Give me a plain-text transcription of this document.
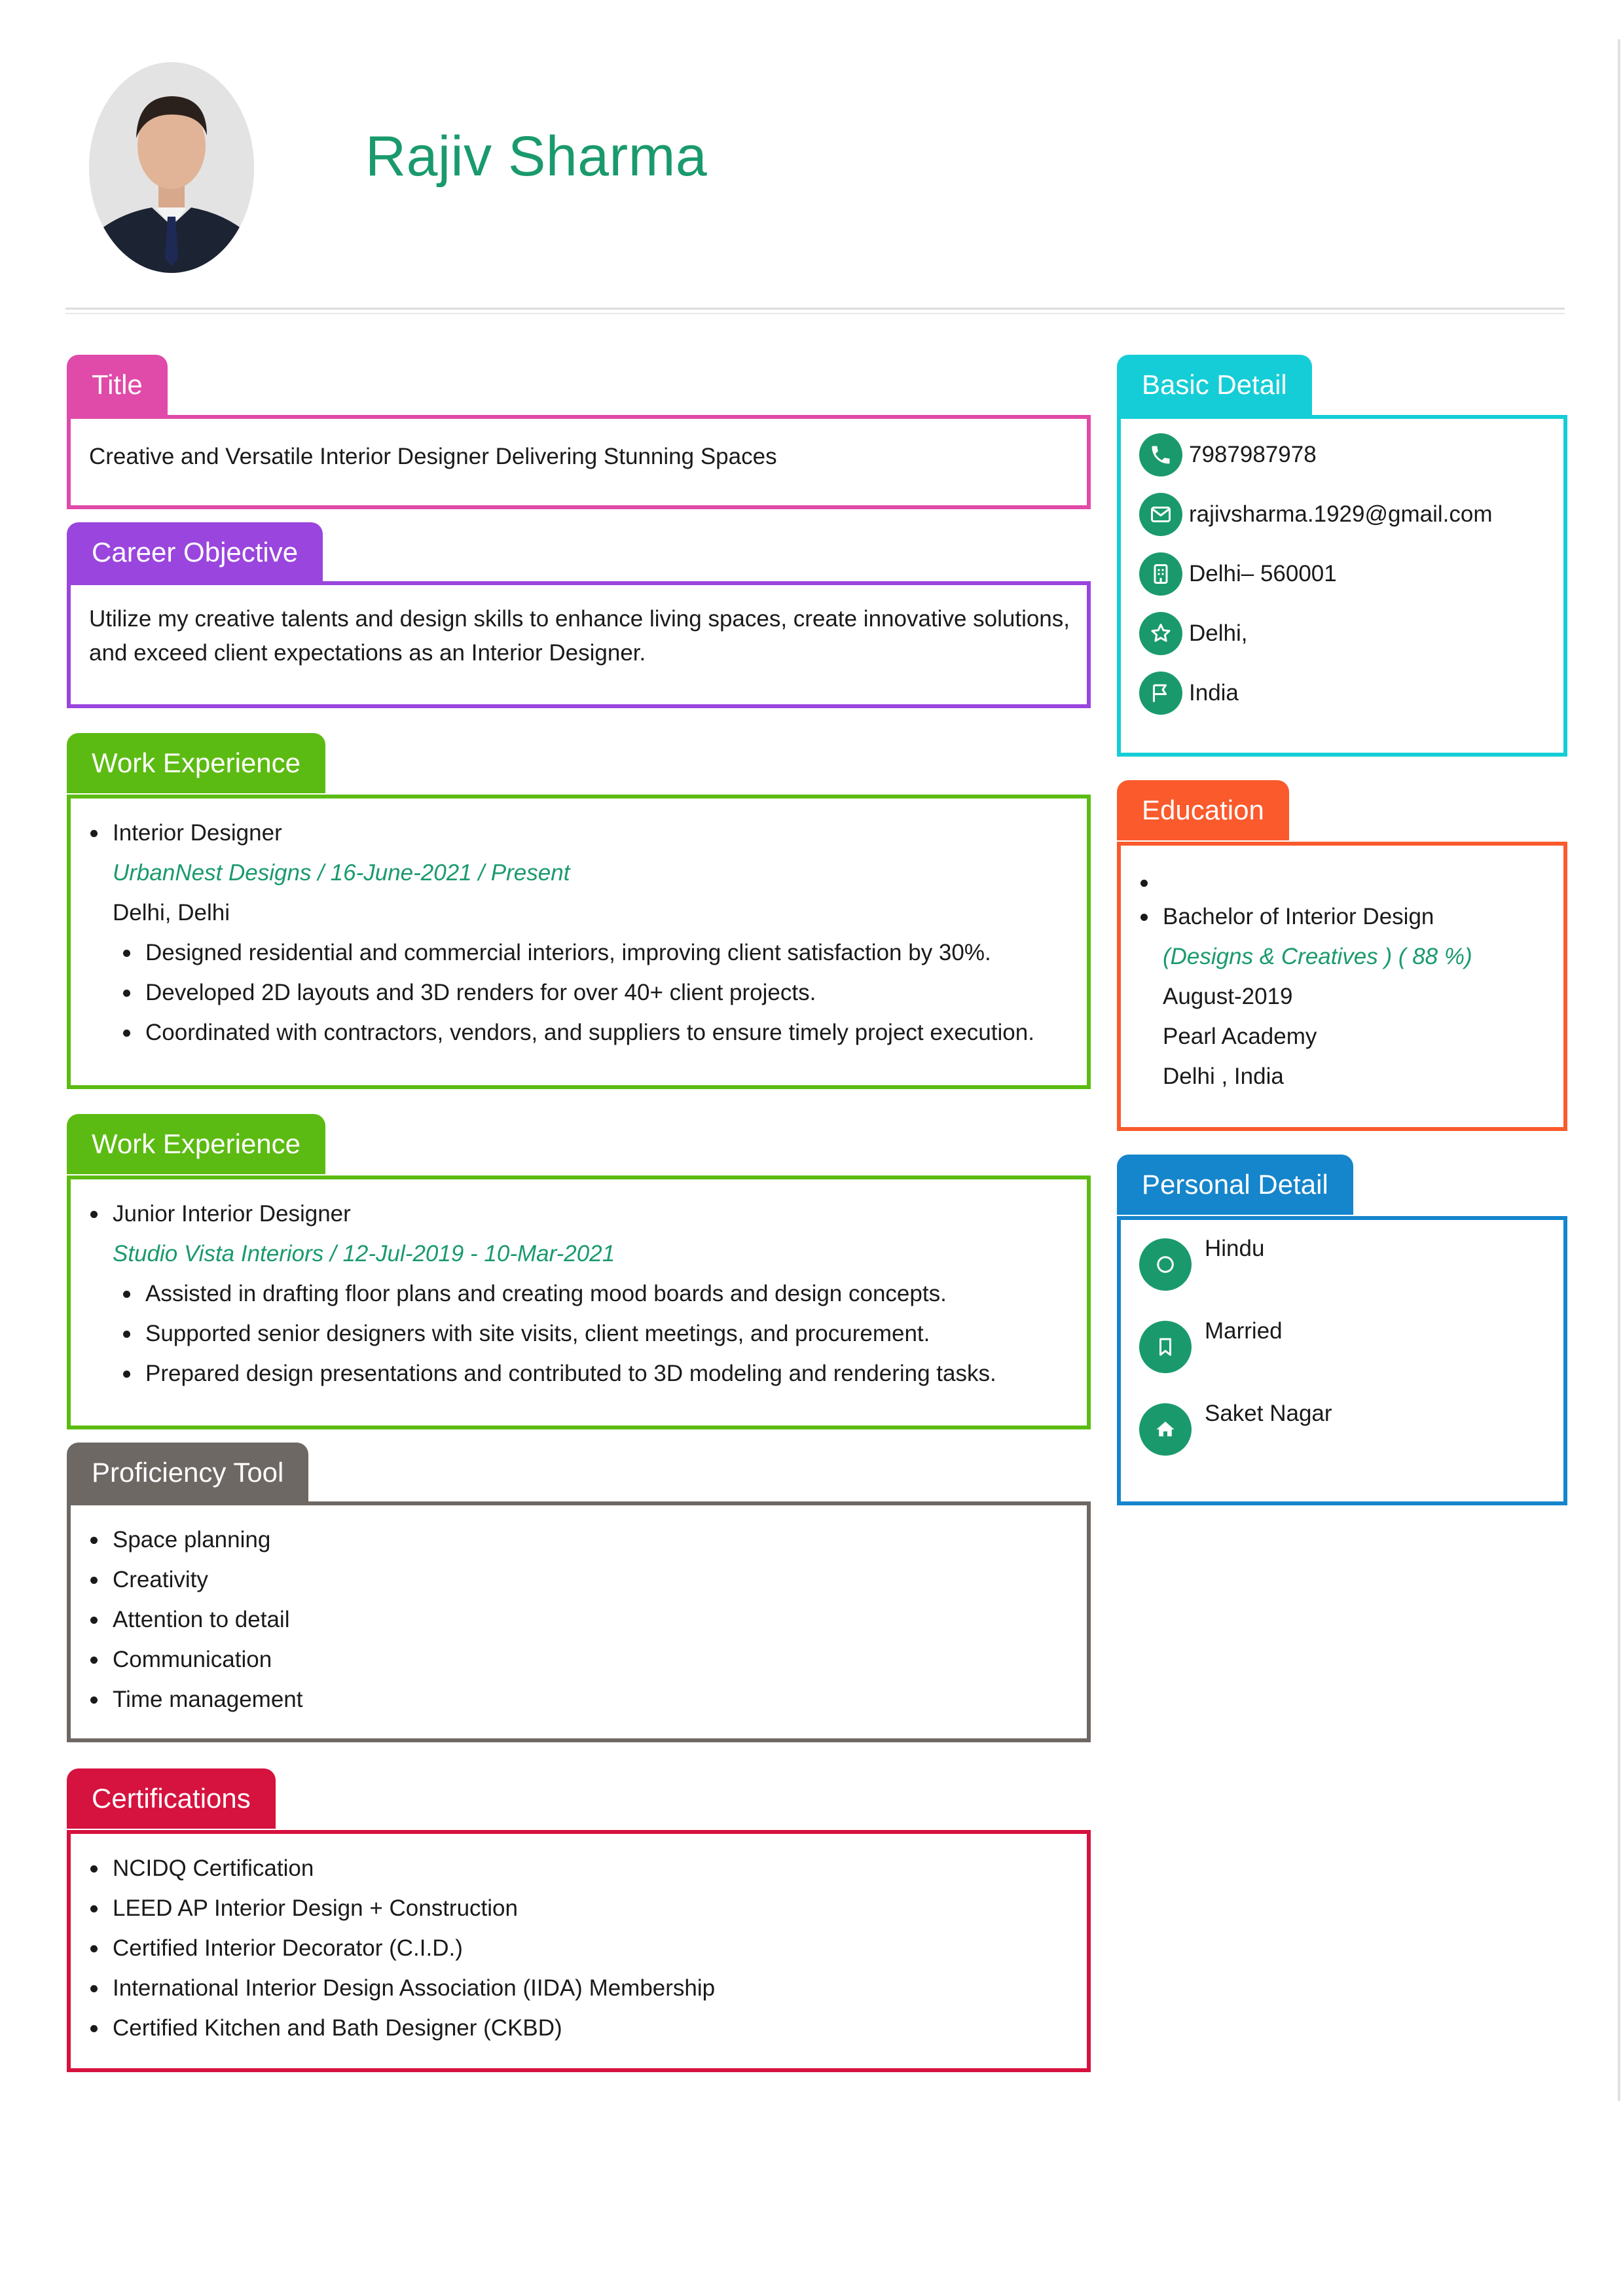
Rajiv Sharma
Title
Creative and Versatile Interior Designer Delivering Stunning Spaces
Career Objective
Utilize my creative talents and design skills to enhance living spaces, create innovative solutions,
and exceed client expectations as an Interior Designer.
Work Experience
Interior Designer
UrbanNest Designs / 16-June-2021 / Present
Delhi, Delhi
Designed residential and commercial interiors, improving client satisfaction by 30%.
Developed 2D layouts and 3D renders for over 40+ client projects.
Coordinated with contractors, vendors, and suppliers to ensure timely project execution.
Work Experience
Junior Interior Designer
Studio Vista Interiors / 12-Jul-2019 - 10-Mar-2021
Assisted in drafting floor plans and creating mood boards and design concepts.
Supported senior designers with site visits, client meetings, and procurement.
Prepared design presentations and contributed to 3D modeling and rendering tasks.
Proficiency Tool
Space planning
Creativity
Attention to detail
Communication
Time management
Certifications
NCIDQ Certification
LEED AP Interior Design + Construction
Certified Interior Decorator (C.I.D.)
International Interior Design Association (IIDA) Membership
Certified Kitchen and Bath Designer (CKBD)
Basic Detail
7987987978
rajivsharma.1929@gmail.com
Delhi– 560001
Delhi,
India
Education
Bachelor of Interior Design
(Designs & Creatives ) ( 88 %)
August-2019
Pearl Academy
Delhi , India
Personal Detail
Hindu
Married
Saket Nagar
